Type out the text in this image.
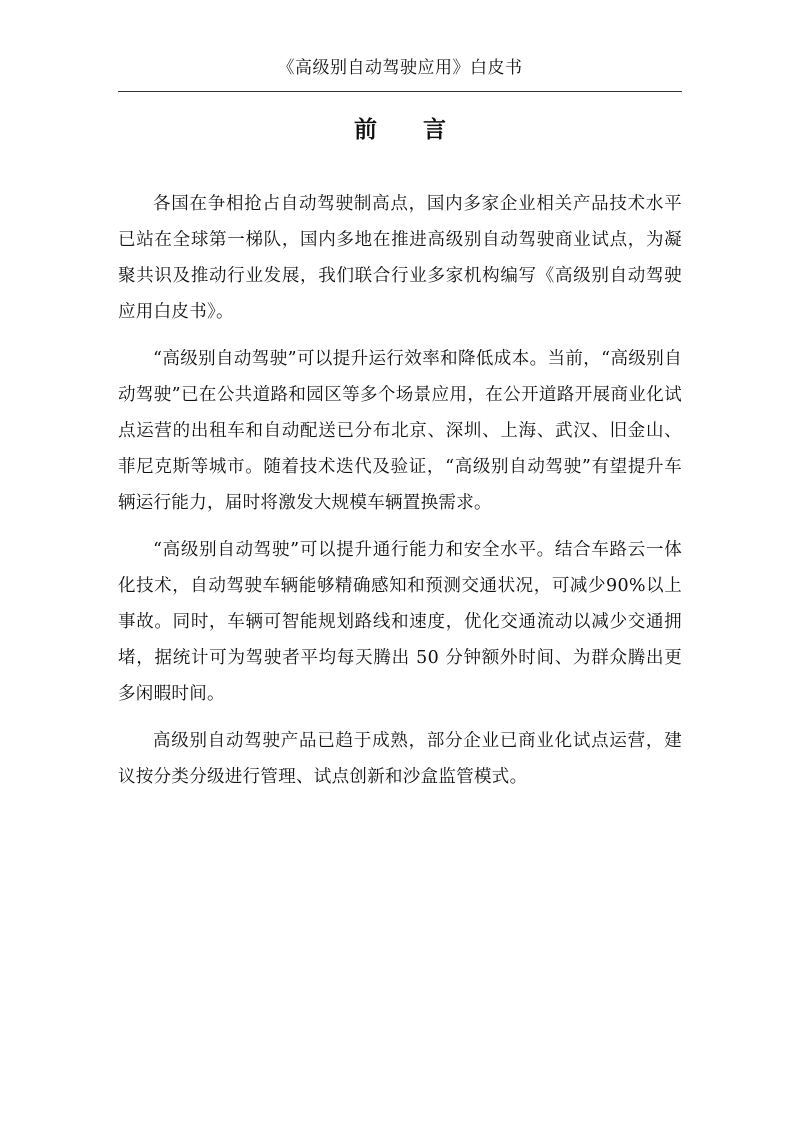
《高级别自动驾驶应用》白皮书
前 言

各国在争相抢占自动驾驶制高点，国内多家企业相关产品技术水平已站在全球第一梯队，国内多地在推进高级别自动驾驶商业试点，为凝聚共识及推动行业发展，我们联合行业多家机构编写《高级别自动驾驶应用白皮书》。

“高级别自动驾驶”可以提升运行效率和降低成本。当前，“高级别自动驾驶”已在公共道路和园区等多个场景应用，在公开道路开展商业化试点运营的出租车和自动配送已分布北京、深圳、上海、武汉、旧金山、菲尼克斯等城市。随着技术迭代及验证，“高级别自动驾驶”有望提升车辆运行能力，届时将激发大规模车辆置换需求。

“高级别自动驾驶”可以提升通行能力和安全水平。结合车路云一体化技术，自动驾驶车辆能够精确感知和预测交通状况，可减少90%以上事故。同时，车辆可智能规划路线和速度，优化交通流动以减少交通拥堵，据统计可为驾驶者平均每天腾出 50 分钟额外时间、为群众腾出更多闲暇时间。

高级别自动驾驶产品已趋于成熟，部分企业已商业化试点运营，建议按分类分级进行管理、试点创新和沙盒监管模式。
